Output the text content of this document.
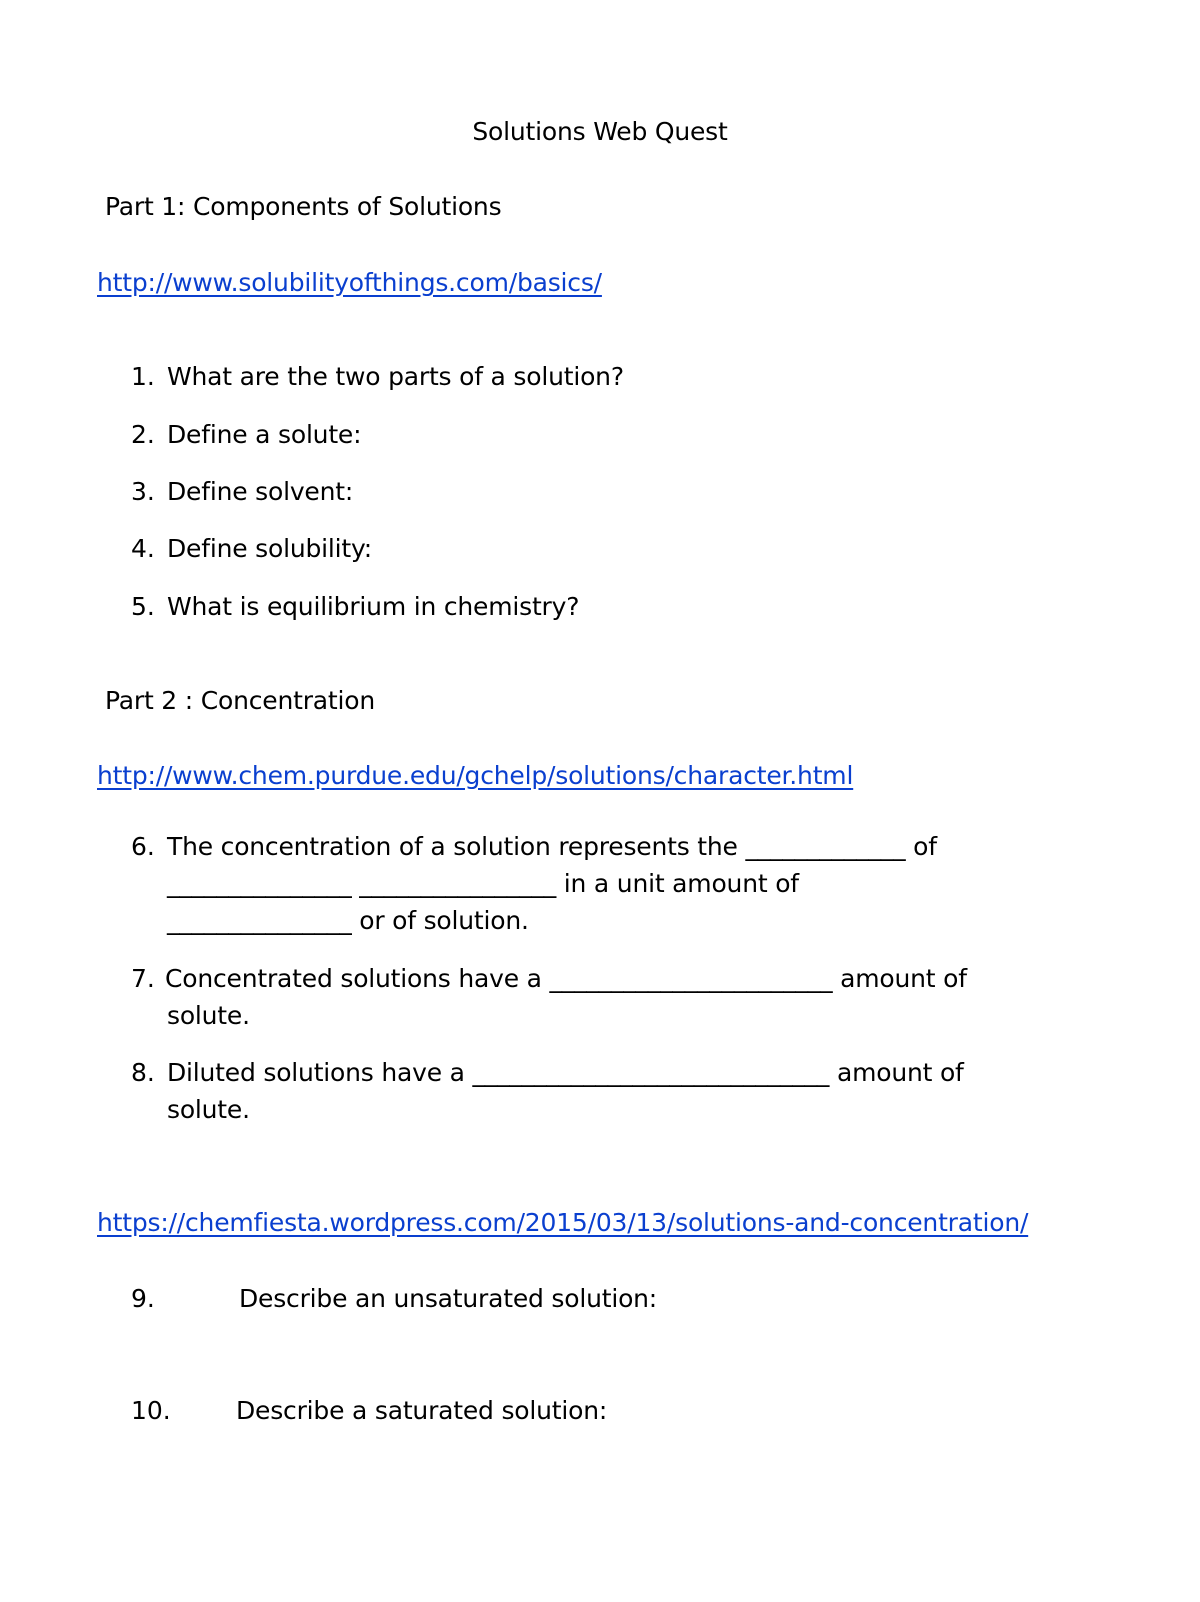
Solutions Web Quest
Part 1: Components of Solutions
http://www.solubilityofthings.com/basics/
1. What are the two parts of a solution?
2. Define a solute:
3. Define solvent:
4. Define solubility:
5. What is equilibrium in chemistry?
Part 2 : Concentration
http://www.chem.purdue.edu/gchelp/solutions/character.html
6. The concentration of a solution represents the _____________ of
_______________ ________________ in a unit amount of
_______________ or of solution.
7. Concentrated solutions have a _______________________ amount of
solute.
8. Diluted solutions have a _____________________________ amount of
solute.
https://chemfiesta.wordpress.com/2015/03/13/solutions-and-concentration/
9.	Describe an unsaturated solution:
10.	Describe a saturated solution:
